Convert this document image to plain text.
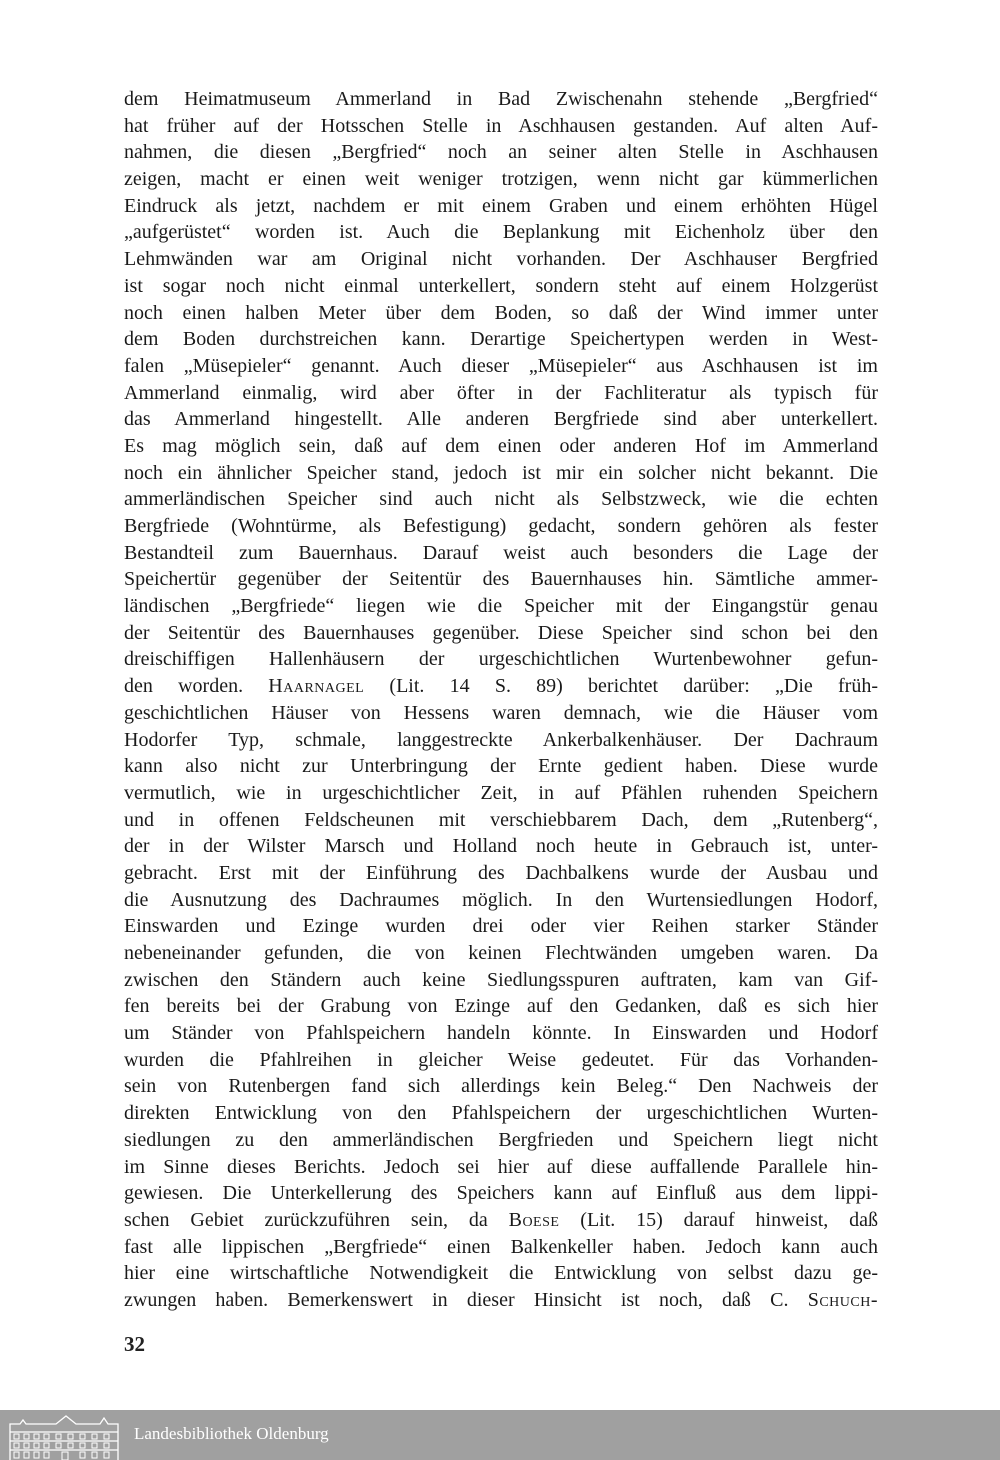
dem Heimatmuseum Ammerland in Bad Zwischenahn stehende „Bergfried“
hat früher auf der Hotsschen Stelle in Aschhausen gestanden. Auf alten Auf-
nahmen, die diesen „Bergfried“ noch an seiner alten Stelle in Aschhausen
zeigen, macht er einen weit weniger trotzigen, wenn nicht gar kümmerlichen
Eindruck als jetzt, nachdem er mit einem Graben und einem erhöhten Hügel
„aufgerüstet“ worden ist. Auch die Beplankung mit Eichenholz über den
Lehmwänden war am Original nicht vorhanden. Der Aschhauser Bergfried
ist sogar noch nicht einmal unterkellert, sondern steht auf einem Holzgerüst
noch einen halben Meter über dem Boden, so daß der Wind immer unter
dem Boden durchstreichen kann. Derartige Speichertypen werden in West-
falen „Müsepieler“ genannt. Auch dieser „Müsepieler“ aus Aschhausen ist im
Ammerland einmalig, wird aber öfter in der Fachliteratur als typisch für
das Ammerland hingestellt. Alle anderen Bergfriede sind aber unterkellert.
Es mag möglich sein, daß auf dem einen oder anderen Hof im Ammerland
noch ein ähnlicher Speicher stand, jedoch ist mir ein solcher nicht bekannt. Die
ammerländischen Speicher sind auch nicht als Selbstzweck, wie die echten
Bergfriede (Wohntürme, als Befestigung) gedacht, sondern gehören als fester
Bestandteil zum Bauernhaus. Darauf weist auch besonders die Lage der
Speichertür gegenüber der Seitentür des Bauernhauses hin. Sämtliche ammer-
ländischen „Bergfriede“ liegen wie die Speicher mit der Eingangstür genau
der Seitentür des Bauernhauses gegenüber. Diese Speicher sind schon bei den
dreischiffigen Hallenhäusern der urgeschichtlichen Wurtenbewohner gefun-
den worden. Haarnagel (Lit. 14 S. 89) berichtet darüber: „Die früh-
geschichtlichen Häuser von Hessens waren demnach, wie die Häuser vom
Hodorfer Typ, schmale, langgestreckte Ankerbalkenhäuser. Der Dachraum
kann also nicht zur Unterbringung der Ernte gedient haben. Diese wurde
vermutlich, wie in urgeschichtlicher Zeit, in auf Pfählen ruhenden Speichern
und in offenen Feldscheunen mit verschiebbarem Dach, dem „Rutenberg“,
der in der Wilster Marsch und Holland noch heute in Gebrauch ist, unter-
gebracht. Erst mit der Einführung des Dachbalkens wurde der Ausbau und
die Ausnutzung des Dachraumes möglich. In den Wurtensiedlungen Hodorf,
Einswarden und Ezinge wurden drei oder vier Reihen starker Ständer
nebeneinander gefunden, die von keinen Flechtwänden umgeben waren. Da
zwischen den Ständern auch keine Siedlungsspuren auftraten, kam van Gif-
fen bereits bei der Grabung von Ezinge auf den Gedanken, daß es sich hier
um Ständer von Pfahlspeichern handeln könnte. In Einswarden und Hodorf
wurden die Pfahlreihen in gleicher Weise gedeutet. Für das Vorhanden-
sein von Rutenbergen fand sich allerdings kein Beleg.“ Den Nachweis der
direkten Entwicklung von den Pfahlspeichern der urgeschichtlichen Wurten-
siedlungen zu den ammerländischen Bergfrieden und Speichern liegt nicht
im Sinne dieses Berichts. Jedoch sei hier auf diese auffallende Parallele hin-
gewiesen. Die Unterkellerung des Speichers kann auf Einfluß aus dem lippi-
schen Gebiet zurückzuführen sein, da Boese (Lit. 15) darauf hinweist, daß
fast alle lippischen „Bergfriede“ einen Balkenkeller haben. Jedoch kann auch
hier eine wirtschaftliche Notwendigkeit die Entwicklung von selbst dazu ge-
zwungen haben. Bemerkenswert in dieser Hinsicht ist noch, daß C. Schuch-
32
Landesbibliothek Oldenburg
